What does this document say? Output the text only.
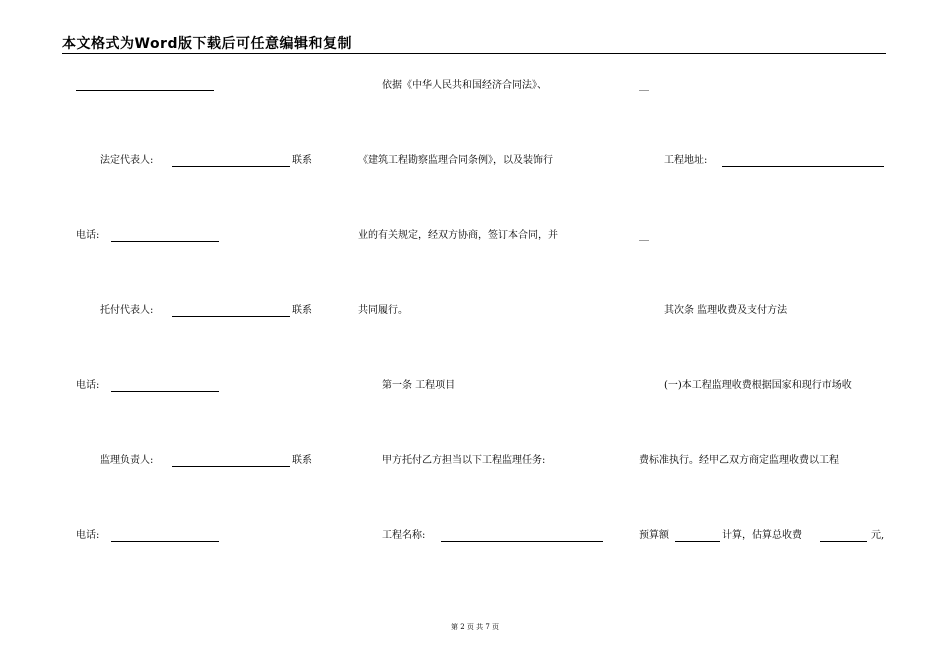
本文格式为Word版下载后可任意编辑和复制
法定代表人:	联系
电话:
托付代表人:	联系
电话:
监理负责人:	联系
电话:
依据《中华人民共和国经济合同法》、
《建筑工程勘察监理合同条例》，以及装饰行
业的有关规定，经双方协商，签订本合同，并
共同履行。
第一条 工程项目
甲方托付乙方担当以下工程监理任务:
工程名称:
__
工程地址:
__
其次条 监理收费及支付方法
(一)本工程监理收费根据国家和现行市场收
费标准执行。经甲乙双方商定监理收费以工程
预算额	计算，估算总收费	元,
第 2 页 共 7 页
